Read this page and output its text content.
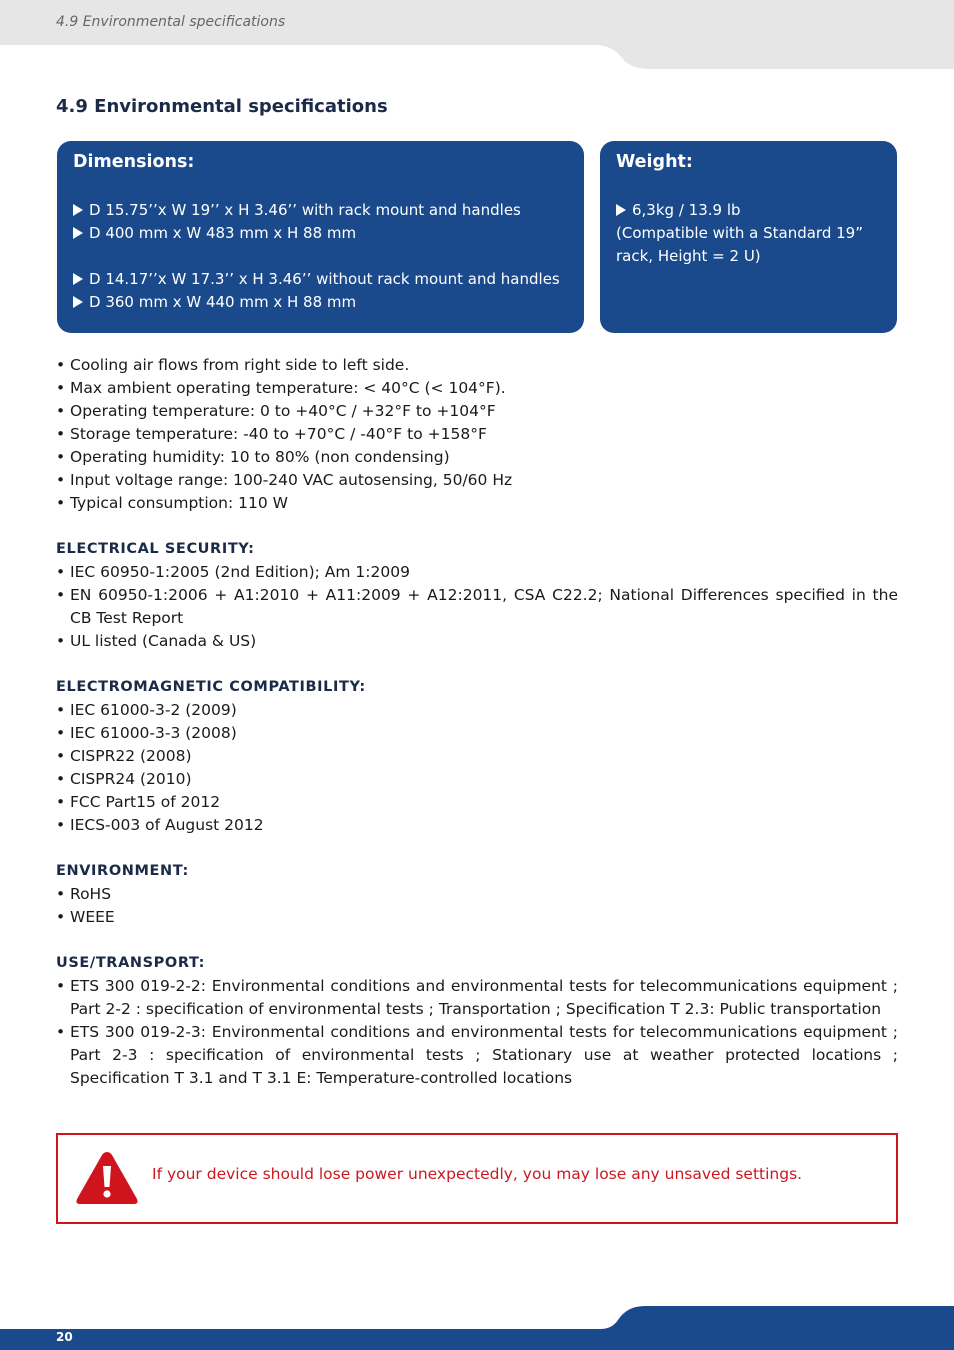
4.9 Environmental specifications
4.9 Environmental specifications
Dimensions:
D 15.75’’x W 19’’ x H 3.46’’ with rack mount and handles
D 400 mm x W 483 mm x H 88 mm
D 14.17’’x W 17.3’’ x H 3.46’’ without rack mount and handles
D 360 mm x W 440 mm x H 88 mm
Weight:
6,3kg / 13.9 lb
(Compatible with a Standard 19”
rack, Height = 2 U)
• Cooling air flows from right side to left side.
• Max ambient operating temperature: < 40°C (< 104°F).
• Operating temperature: 0 to +40°C / +32°F to +104°F
• Storage temperature: -40 to +70°C / -40°F to +158°F
• Operating humidity: 10 to 80% (non condensing)
• Input voltage range: 100-240 VAC autosensing, 50/60 Hz
• Typical consumption: 110 W
ELECTRICAL SECURITY:
• IEC 60950-1:2005 (2nd Edition); Am 1:2009
• EN 60950-1:2006 + A1:2010 + A11:2009 + A12:2011, CSA C22.2; National Differences specified in the CB Test Report
• UL listed (Canada & US)
ELECTROMAGNETIC COMPATIBILITY:
• IEC 61000-3-2 (2009)
• IEC 61000-3-3 (2008)
• CISPR22 (2008)
• CISPR24 (2010)
• FCC Part15 of 2012
• IECS-003 of August 2012
ENVIRONMENT:
• RoHS
• WEEE
USE/TRANSPORT:
• ETS 300 019-2-2: Environmental conditions and environmental tests for telecommunications equipment ; Part 2-2 : specification of environmental tests ; Transportation ; Specification T 2.3: Public transportation
• ETS 300 019-2-3: Environmental conditions and environmental tests for telecommunications equipment ; Part 2-3 : specification of environmental tests ; Stationary use at weather protected locations ; Specification T 3.1 and T 3.1 E: Temperature-controlled locations
If your device should lose power unexpectedly, you may lose any unsaved settings.
20
